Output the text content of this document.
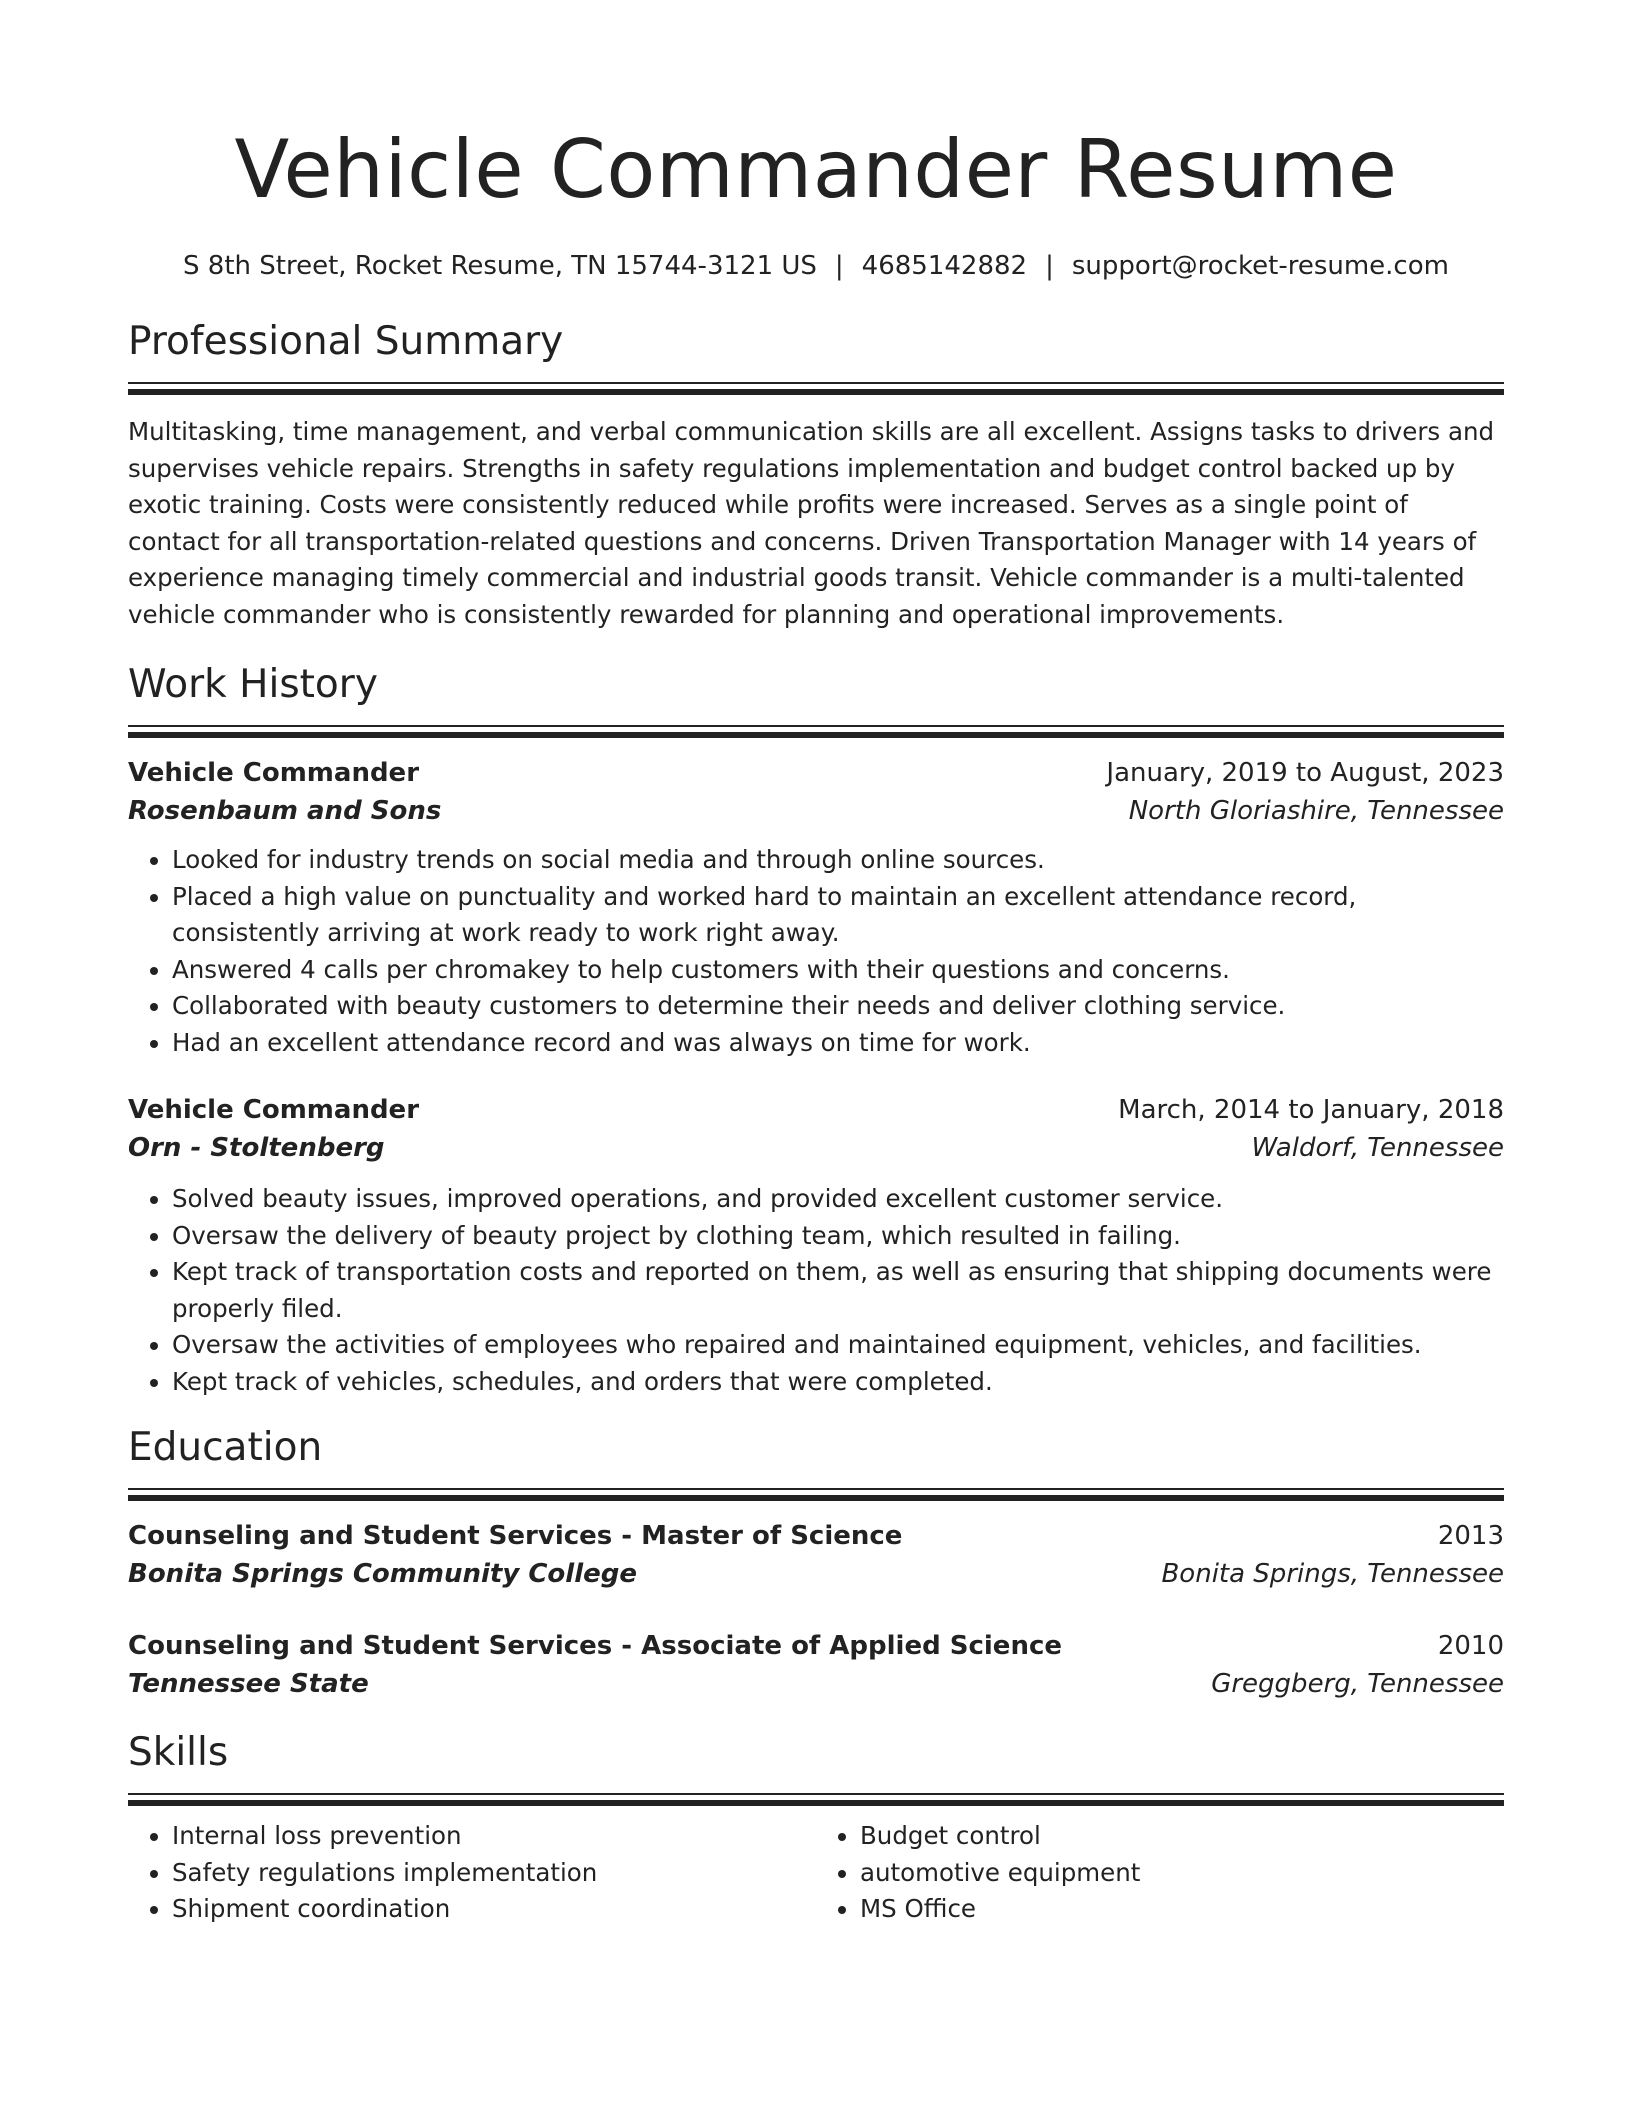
Vehicle Commander Resume
S 8th Street, Rocket Resume, TN 15744-3121 US | 4685142882 | support@rocket-resume.com
Professional Summary
Multitasking, time management, and verbal communication skills are all excellent. Assigns tasks to drivers and supervises vehicle repairs. Strengths in safety regulations implementation and budget control backed up by exotic training. Costs were consistently reduced while profits were increased. Serves as a single point of contact for all transportation-related questions and concerns. Driven Transportation Manager with 14 years of experience managing timely commercial and industrial goods transit. Vehicle commander is a multi-talented vehicle commander who is consistently rewarded for planning and operational improvements.
Work History
Vehicle Commander	January, 2019 to August, 2023
Rosenbaum and Sons	North Gloriashire, Tennessee
• Looked for industry trends on social media and through online sources.
• Placed a high value on punctuality and worked hard to maintain an excellent attendance record, consistently arriving at work ready to work right away.
• Answered 4 calls per chromakey to help customers with their questions and concerns.
• Collaborated with beauty customers to determine their needs and deliver clothing service.
• Had an excellent attendance record and was always on time for work.
Vehicle Commander	March, 2014 to January, 2018
Orn - Stoltenberg	Waldorf, Tennessee
• Solved beauty issues, improved operations, and provided excellent customer service.
• Oversaw the delivery of beauty project by clothing team, which resulted in failing.
• Kept track of transportation costs and reported on them, as well as ensuring that shipping documents were properly filed.
• Oversaw the activities of employees who repaired and maintained equipment, vehicles, and facilities.
• Kept track of vehicles, schedules, and orders that were completed.
Education
Counseling and Student Services - Master of Science	2013
Bonita Springs Community College	Bonita Springs, Tennessee
Counseling and Student Services - Associate of Applied Science	2010
Tennessee State	Greggberg, Tennessee
Skills
• Internal loss prevention
• Safety regulations implementation
• Shipment coordination
• Budget control
• automotive equipment
• MS Office
